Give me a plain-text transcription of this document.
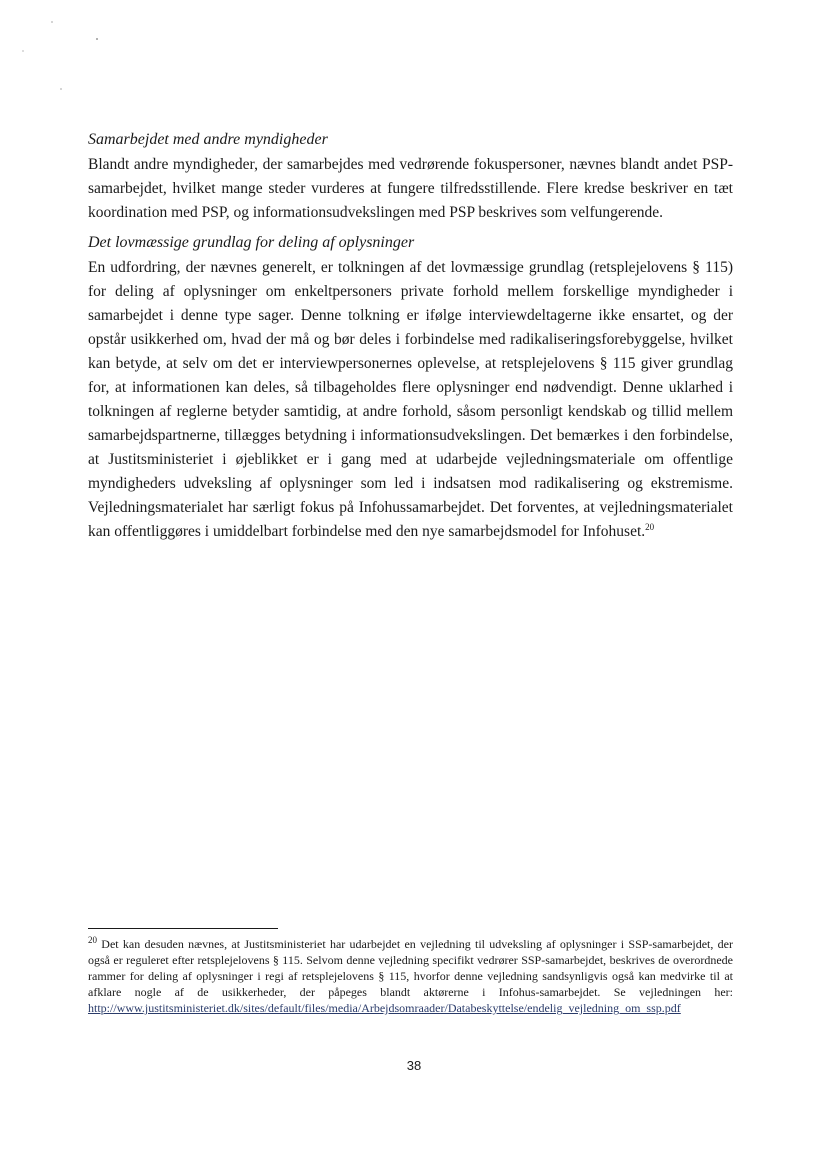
Samarbejdet med andre myndigheder

Blandt andre myndigheder, der samarbejdes med vedrørende fokuspersoner, nævnes blandt andet PSP-samarbejdet, hvilket mange steder vurderes at fungere tilfredsstillende. Flere kredse beskriver en tæt koordination med PSP, og informationsudvekslingen med PSP beskrives som velfungerende.

Det lovmæssige grundlag for deling af oplysninger

En udfordring, der nævnes generelt, er tolkningen af det lovmæssige grundlag (retsplejelovens § 115) for deling af oplysninger om enkeltpersoners private forhold mellem forskellige myndigheder i samarbejdet i denne type sager. Denne tolkning er ifølge interviewdeltagerne ikke ensartet, og der opstår usikkerhed om, hvad der må og bør deles i forbindelse med radikaliseringsforebyggelse, hvilket kan betyde, at selv om det er interviewpersonernes oplevelse, at retsplejelovens § 115 giver grundlag for, at informationen kan deles, så tilbageholdes flere oplysninger end nødvendigt. Denne uklarhed i tolkningen af reglerne betyder samtidig, at andre forhold, såsom personligt kendskab og tillid mellem samarbejdspartnerne, tillægges betydning i informationsudvekslingen. Det bemærkes i den forbindelse, at Justitsministeriet i øjeblikket er i gang med at udarbejde vejledningsmateriale om offentlige myndigheders udveksling af oplysninger som led i indsatsen mod radikalisering og ekstremisme. Vejledningsmaterialet har særligt fokus på Infohussamarbejdet. Det forventes, at vejledningsmaterialet kan offentliggøres i umiddelbart forbindelse med den nye samarbejdsmodel for Infohuset.$^{20}$

$^{20}$ Det kan desuden nævnes, at Justitsministeriet har udarbejdet en vejledning til udveksling af oplysninger i SSP-samarbejdet, der også er reguleret efter retsplejelovens § 115. Selvom denne vejledning specifikt vedrører SSP-samarbejdet, beskrives de overordnede rammer for deling af oplysninger i regi af retsplejelovens § 115, hvorfor denne vejledning sandsynligvis også kan medvirke til at afklare nogle af de usikkerheder, der påpeges blandt aktørerne i Infohus-samarbejdet. Se vejledningen her: http://www.justitsministeriet.dk/sites/default/files/media/Arbejdsomraader/Databeskyttelse/endelig_vejledning_om_ssp.pdf
38
